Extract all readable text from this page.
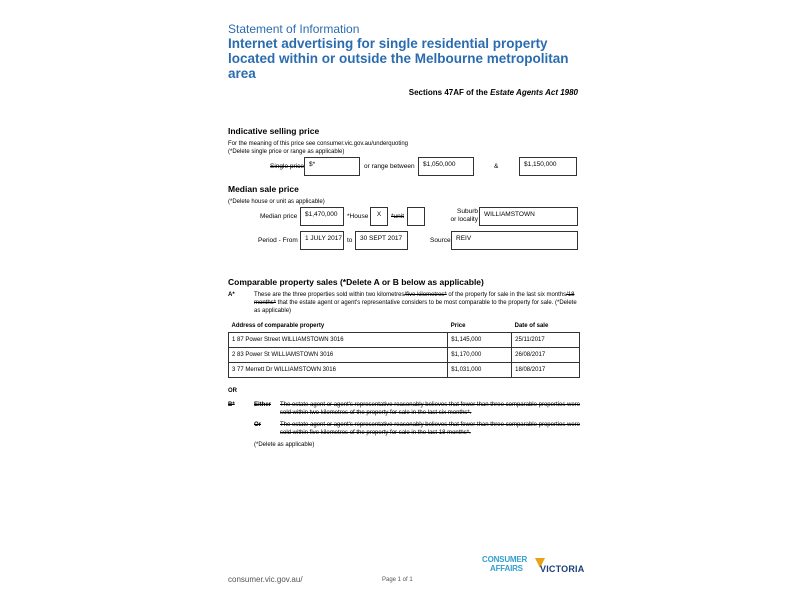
Statement of Information
Internet advertising for single residential property located within or outside the Melbourne metropolitan area
Sections 47AF of the Estate Agents Act 1980
Indicative selling price
For the meaning of this price see consumer.vic.gov.au/underquoting
(*Delete single price or range as applicable)
Single price $*	or range between	$1,050,000	&	$1,150,000
Median sale price
(*Delete house or unit as applicable)
Median price	$1,470,000	*House	X	*unit
Suburb
or locality
WILLIAMSTOWN
Period - From	1 JULY 2017 to	30 SEPT 2017	Source REIV
Comparable property sales (*Delete A or B below as applicable)
A*	These are the three properties sold within two kilometres/five kilometres* of the property for sale in the last six months/18 months* that the estate agent or agent's representative considers to be most comparable to the property for sale. (*Delete as applicable)
Address of comparable property	Price	Date of sale
1 87 Power Street WILLIAMSTOWN 3016	$1,145,000	25/11/2017
2 83 Power St WILLIAMSTOWN 3016	$1,170,000	26/08/2017
3 77 Merrett Dr WILLIAMSTOWN 3016	$1,031,000	18/08/2017
OR
B*	Either The estate agent or agent's representative reasonably believes that fewer than three comparable properties were sold within two kilometres of the property for sale in the last six months*.
Or	The estate agent or agent's representative reasonably believes that fewer than three comparable properties were sold within five kilometres of the property for sale in the last 18 months*.
(*Delete as applicable)
consumer.vic.gov.au/	Page 1 of 1
CONSUMER
AFFAIRS	VICTORIA
